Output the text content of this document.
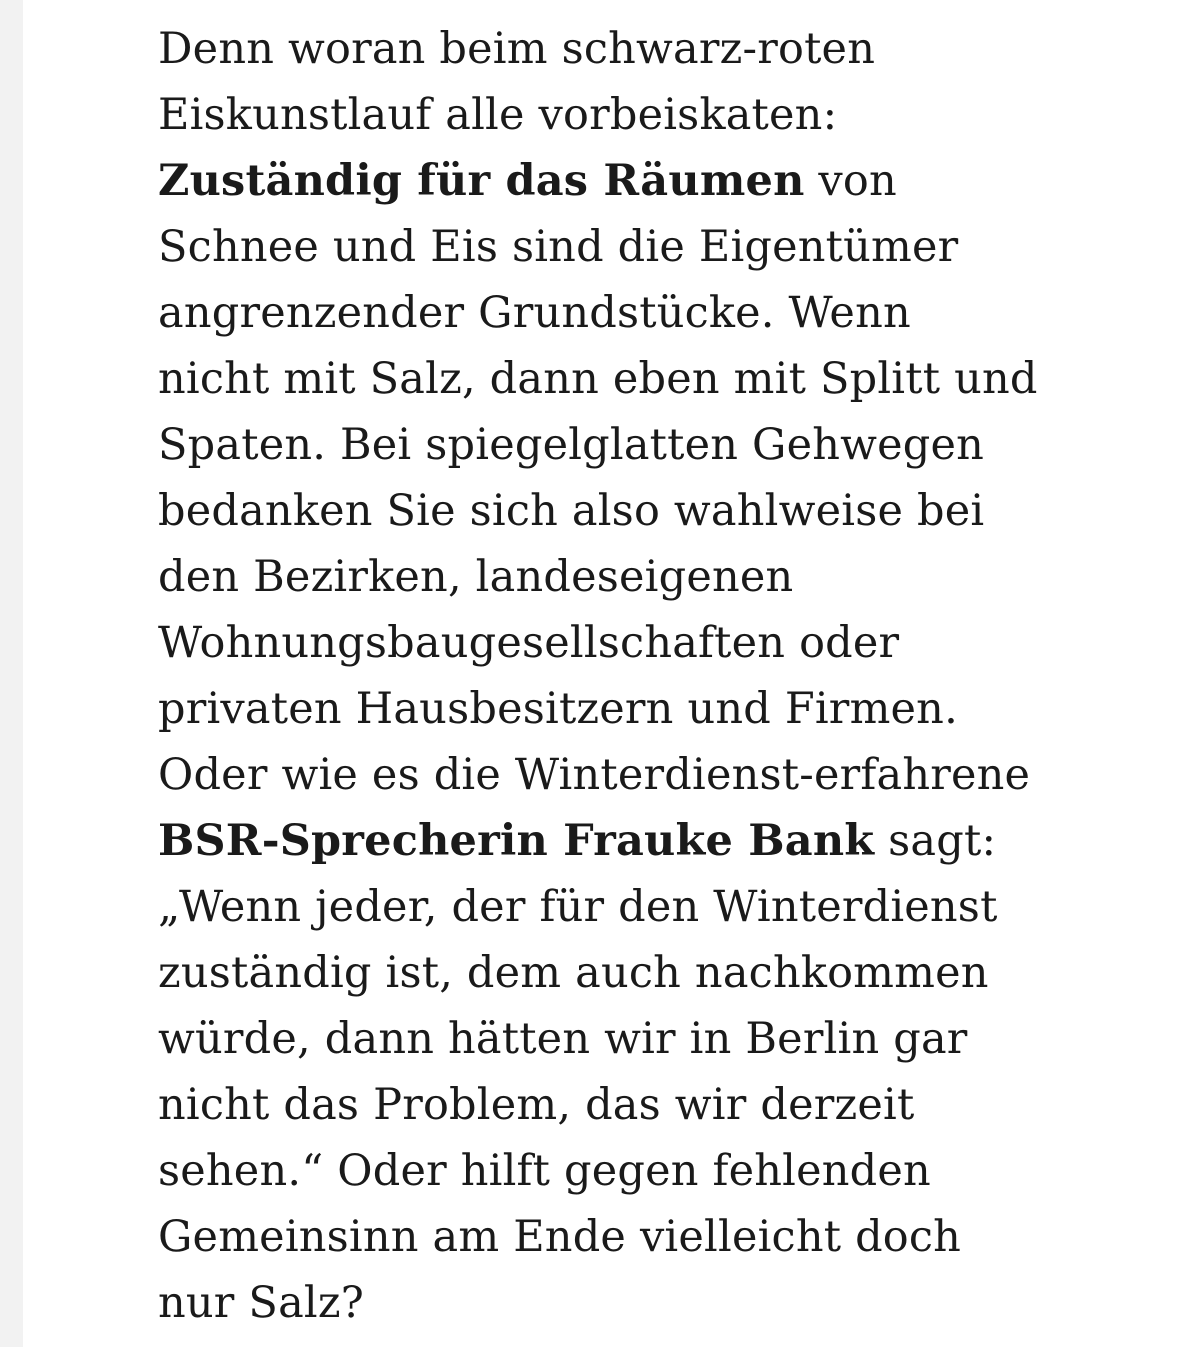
Denn woran beim schwarz-roten
Eiskunstlauf alle vorbeiskaten:
Zuständig für das Räumen von
Schnee und Eis sind die Eigentümer
angrenzender Grundstücke. Wenn
nicht mit Salz, dann eben mit Splitt und
Spaten. Bei spiegelglatten Gehwegen
bedanken Sie sich also wahlweise bei
den Bezirken, landeseigenen
Wohnungsbaugesellschaften oder
privaten Hausbesitzern und Firmen.
Oder wie es die Winterdienst-erfahrene
BSR-Sprecherin Frauke Bank sagt:
„Wenn jeder, der für den Winterdienst
zuständig ist, dem auch nachkommen
würde, dann hätten wir in Berlin gar
nicht das Problem, das wir derzeit
sehen.“ Oder hilft gegen fehlenden
Gemeinsinn am Ende vielleicht doch
nur Salz?
